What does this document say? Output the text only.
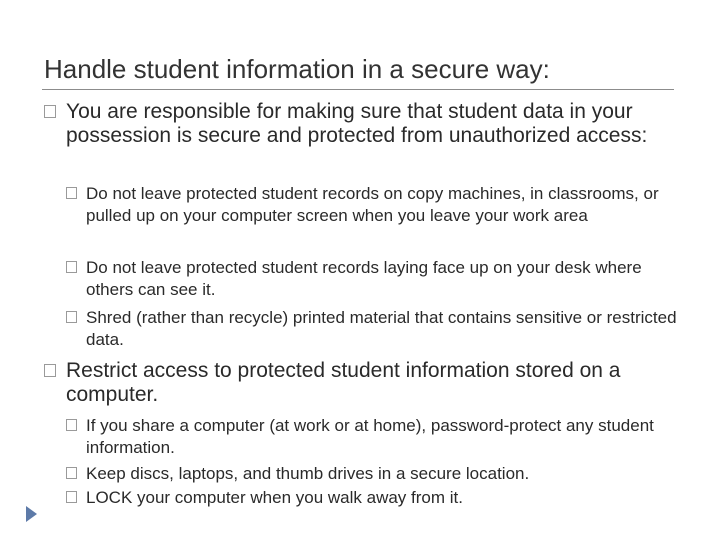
Handle student information in a secure way:
You are responsible for making sure that student data in your possession is secure and protected from unauthorized access:
Do not leave protected student records on copy machines, in classrooms, or pulled up on your computer screen when you leave your work area
Do not leave protected student records laying face up on your desk where others can see it.
Shred (rather than recycle) printed material that contains sensitive or restricted data.
Restrict access to protected student information stored on a computer.
If you share a computer (at work or at home), password-protect any student information.
Keep discs, laptops, and thumb drives in a secure location.
LOCK your computer when you walk away from it.
